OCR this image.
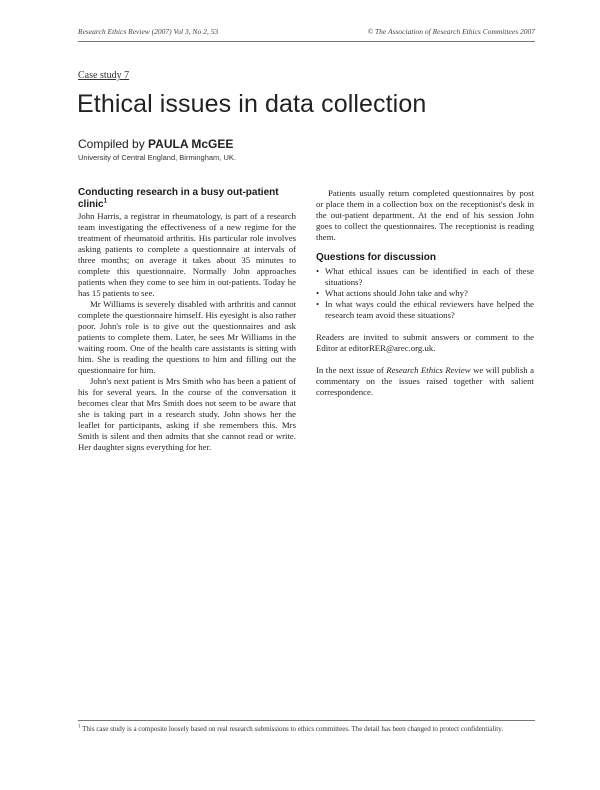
Research Ethics Review (2007) Vol 3, No 2, 53	© The Association of Research Ethics Committees 2007
Case study 7
Ethical issues in data collection
Compiled by PAULA McGEE
University of Central England, Birmingham, UK.
Conducting research in a busy out-patient clinic$^1$

John Harris, a registrar in rheumatology, is part of a research team investigating the effectiveness of a new regime for the treatment of rheumatoid arthritis. His particular role involves asking patients to complete a questionnaire at intervals of three months; on average it takes about 35 minutes to complete this questionnaire. Normally John approaches patients when they come to see him in out-patients. Today he has 15 patients to see.

Mr Williams is severely disabled with arthritis and cannot complete the questionnaire himself. His eyesight is also rather poor. John's role is to give out the questionnaires and ask patients to complete them. Later, he sees Mr Williams in the waiting room. One of the health care assistants is sitting with him. She is reading the questions to him and filling out the questionnaire for him.

John's next patient is Mrs Smith who has been a patient of his for several years. In the course of the conversation it becomes clear that Mrs Smith does not seem to be aware that she is taking part in a research study. John shows her the leaflet for participants, asking if she remembers this. Mrs Smith is silent and then admits that she cannot read or write. Her daughter signs everything for her.

Patients usually return completed questionnaires by post or place them in a collection box on the receptionist's desk in the out-patient department. At the end of his session John goes to collect the questionnaires. The receptionist is reading them.

Questions for discussion
• What ethical issues can be identified in each of these situations?
• What actions should John take and why?
• In what ways could the ethical reviewers have helped the research team avoid these situations?

Readers are invited to submit answers or comment to the Editor at editorRER@arec.org.uk.

In the next issue of Research Ethics Review we will publish a commentary on the issues raised together with salient correspondence.

$^1$ This case study is a composite loosely based on real research submissions to ethics committees. The detail has been changed to protect confidentiality.
